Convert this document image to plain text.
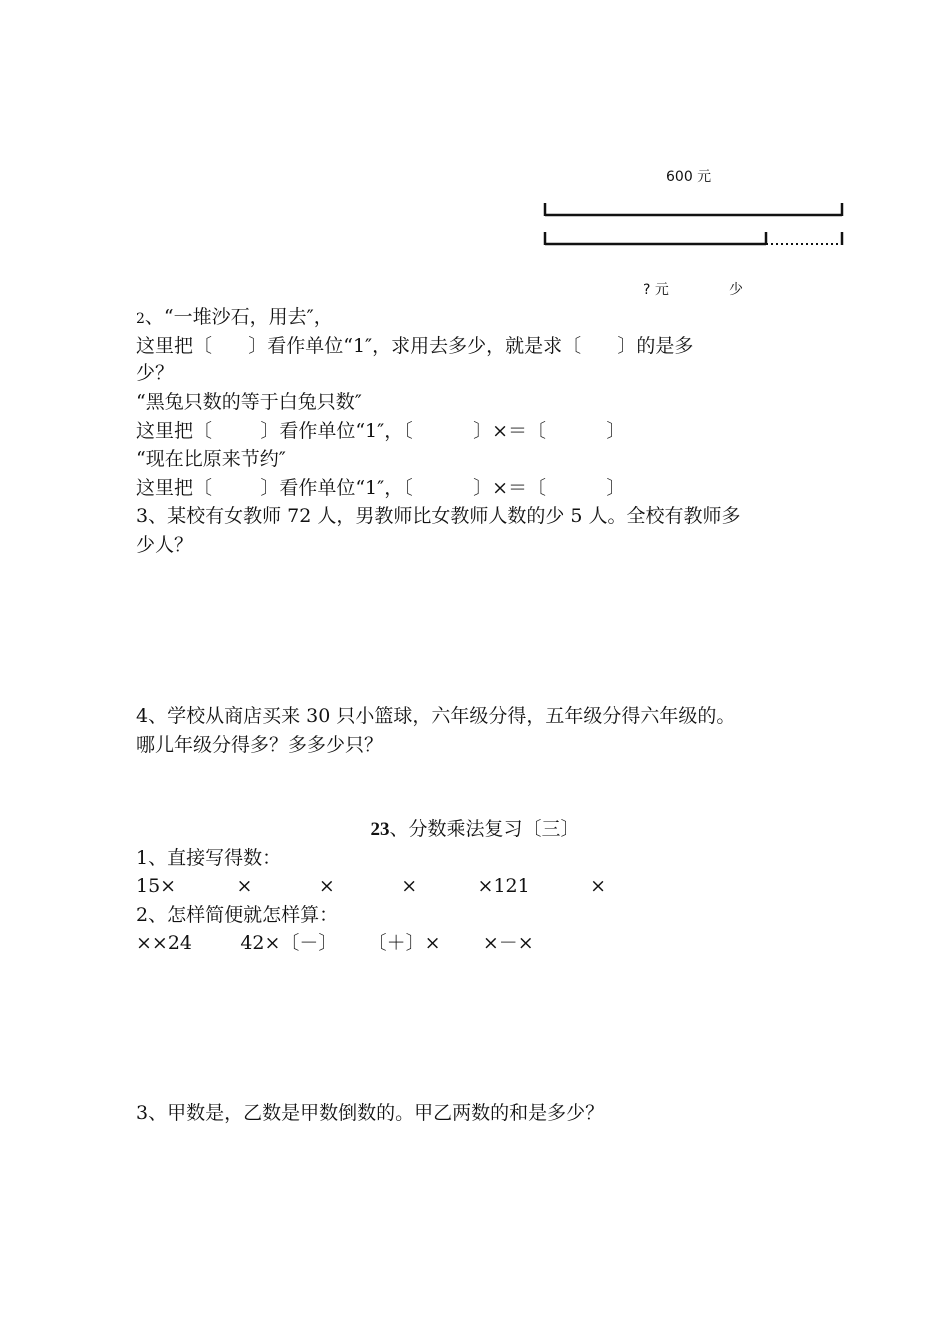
600 元
? 元	少

2、“一堆沙石，用去″，

这里把〔      〕看作单位“1″，求用去多少，就是求〔      〕的是多

少？

“黑兔只数的等于白兔只数″

这里把〔        〕看作单位“1″，〔          〕×＝〔          〕

“现在比原来节约″

这里把〔        〕看作单位“1″，〔          〕×＝〔          〕

3、某校有女教师 72 人，男教师比女教师人数的少 5 人。全校有教师多

少人？

4、学校从商店买来 30 只小篮球，六年级分得，五年级分得六年级的。

哪儿年级分得多？多多少只？

23、分数乘法复习〔三〕

1、直接写得数：

15×          ×           ×           ×          ×121          ×

2、怎样简便就怎样算：

××24        42×〔－〕     〔＋〕×       ×－×

3、甲数是，乙数是甲数倒数的。甲乙两数的和是多少？
